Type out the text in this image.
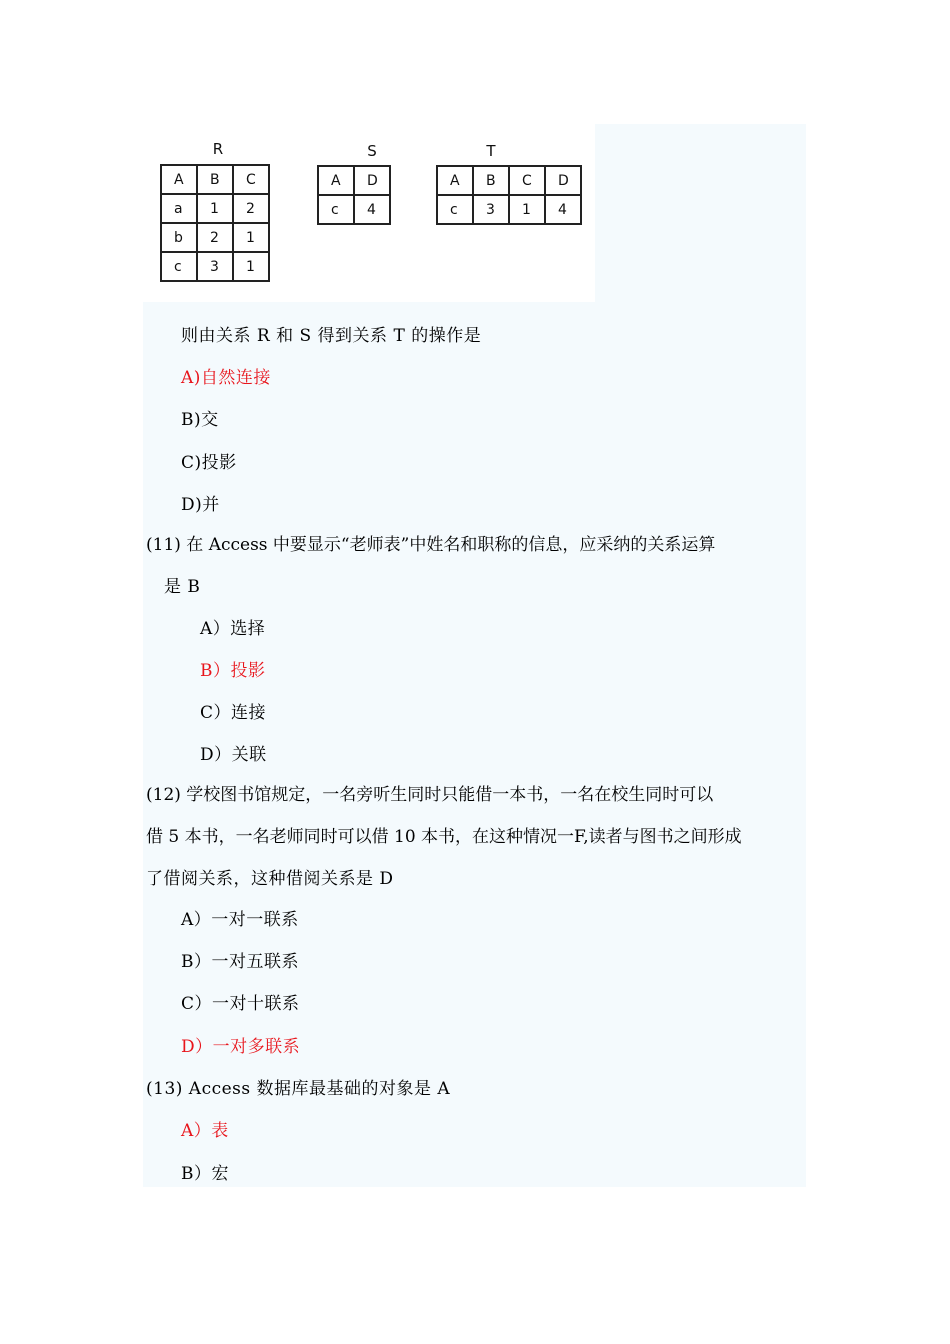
R	S	T
A	B	C
a	1	2
b	2	1
c	3	1
A	D
c	4
A	B	C	D
c	3	1	4
则由关系 R 和 S 得到关系 T 的操作是
A)自然连接
B)交
C)投影
D)并
(11) 在 Access 中要显示“老师表”中姓名和职称的信息，应采纳的关系运算
是 B
A）选择
B）投影
C）连接
D）关联
(12) 学校图书馆规定，一名旁听生同时只能借一本书，一名在校生同时可以
借 5 本书，一名老师同时可以借 10 本书，在这种情况一F,读者与图书之间形成
了借阅关系，这种借阅关系是 D
A）一对一联系
B）一对五联系
C）一对十联系
D）一对多联系
(13) Access 数据库最基础的对象是 A
A）表
B）宏
